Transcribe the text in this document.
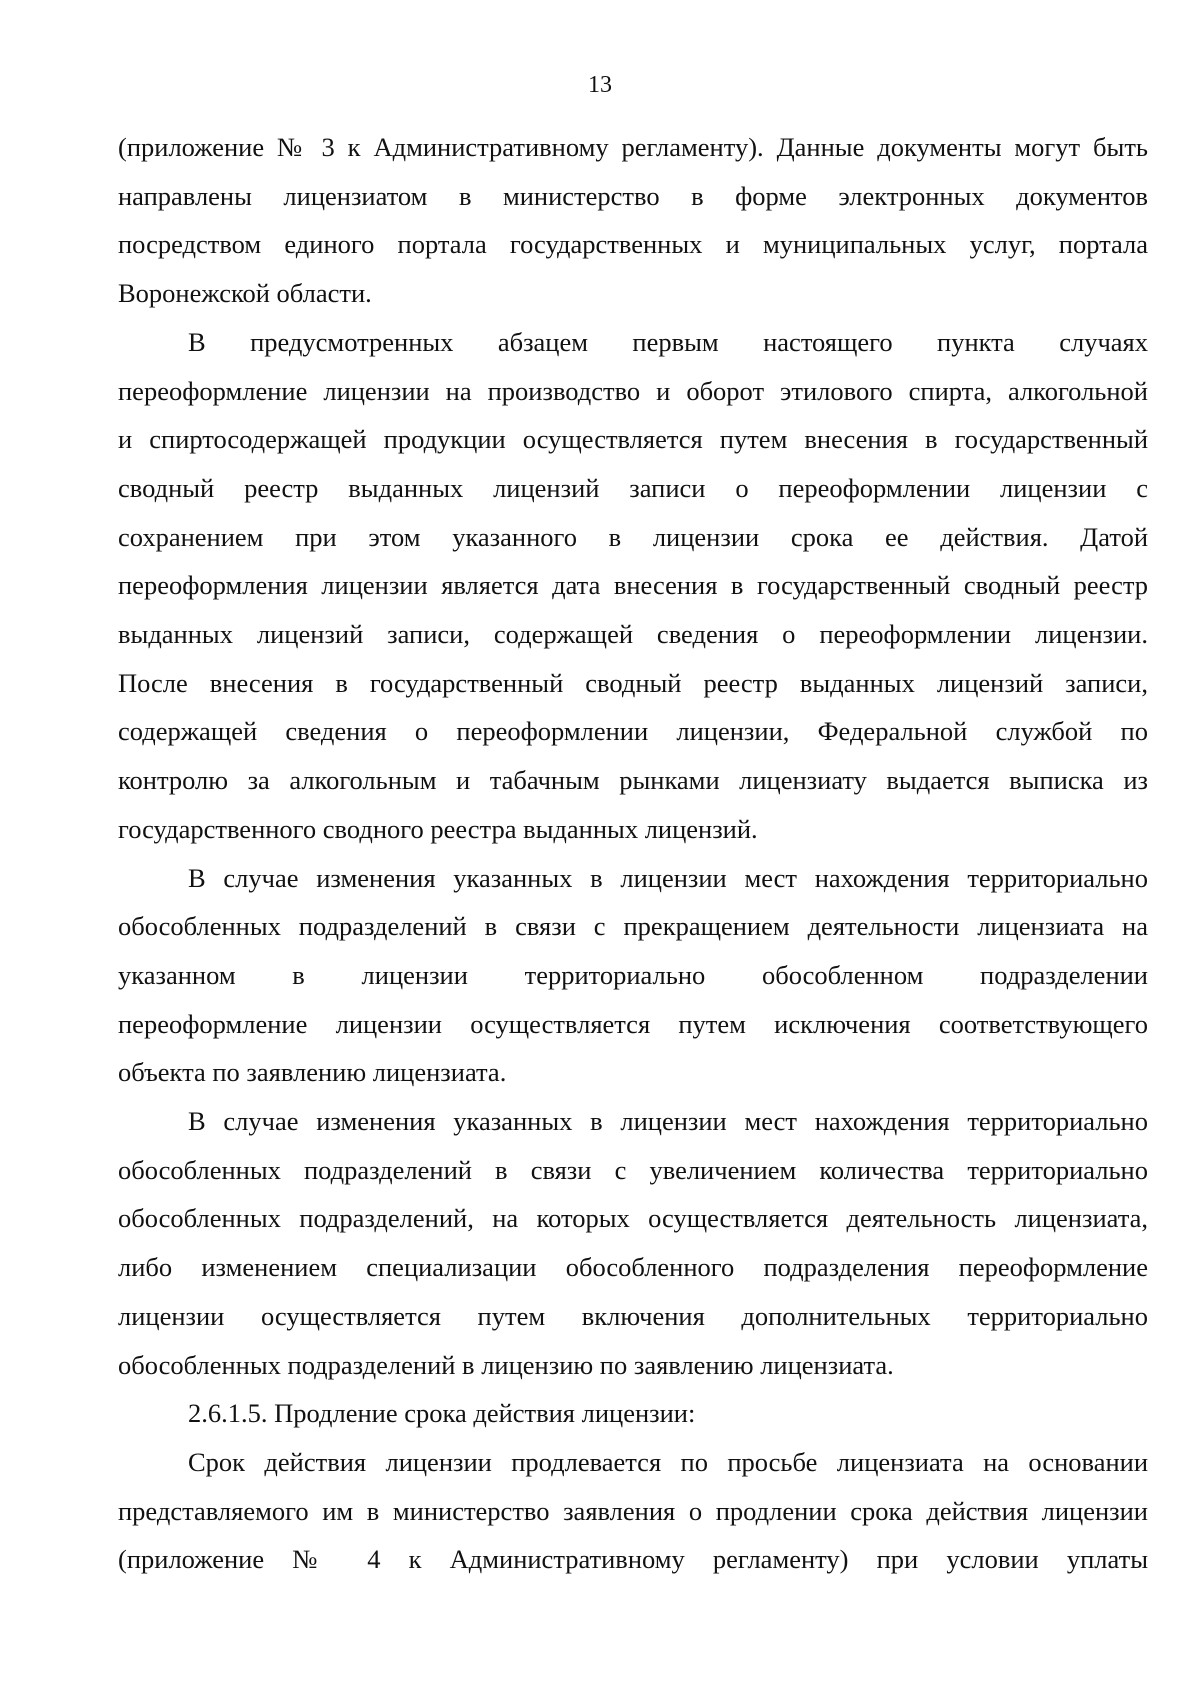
13
(приложение № 3 к Административному регламенту). Данные документы могут быть
направлены лицензиатом в министерство в форме электронных документов
посредством единого портала государственных и муниципальных услуг, портала
Воронежской области.
В предусмотренных абзацем первым настоящего пункта случаях
переоформление лицензии на производство и оборот этилового спирта, алкогольной
и спиртосодержащей продукции осуществляется путем внесения в государственный
сводный реестр выданных лицензий записи о переоформлении лицензии с
сохранением при этом указанного в лицензии срока ее действия. Датой
переоформления лицензии является дата внесения в государственный сводный реестр
выданных лицензий записи, содержащей сведения о переоформлении лицензии.
После внесения в государственный сводный реестр выданных лицензий записи,
содержащей сведения о переоформлении лицензии, Федеральной службой по
контролю за алкогольным и табачным рынками лицензиату выдается выписка из
государственного сводного реестра выданных лицензий.
В случае изменения указанных в лицензии мест нахождения территориально
обособленных подразделений в связи с прекращением деятельности лицензиата на
указанном в лицензии территориально обособленном подразделении
переоформление лицензии осуществляется путем исключения соответствующего
объекта по заявлению лицензиата.
В случае изменения указанных в лицензии мест нахождения территориально
обособленных подразделений в связи с увеличением количества территориально
обособленных подразделений, на которых осуществляется деятельность лицензиата,
либо изменением специализации обособленного подразделения переоформление
лицензии осуществляется путем включения дополнительных территориально
обособленных подразделений в лицензию по заявлению лицензиата.
2.6.1.5. Продление срока действия лицензии:
Срок действия лицензии продлевается по просьбе лицензиата на основании
представляемого им в министерство заявления о продлении срока действия лицензии
(приложение № 4 к Административному регламенту) при условии уплаты
